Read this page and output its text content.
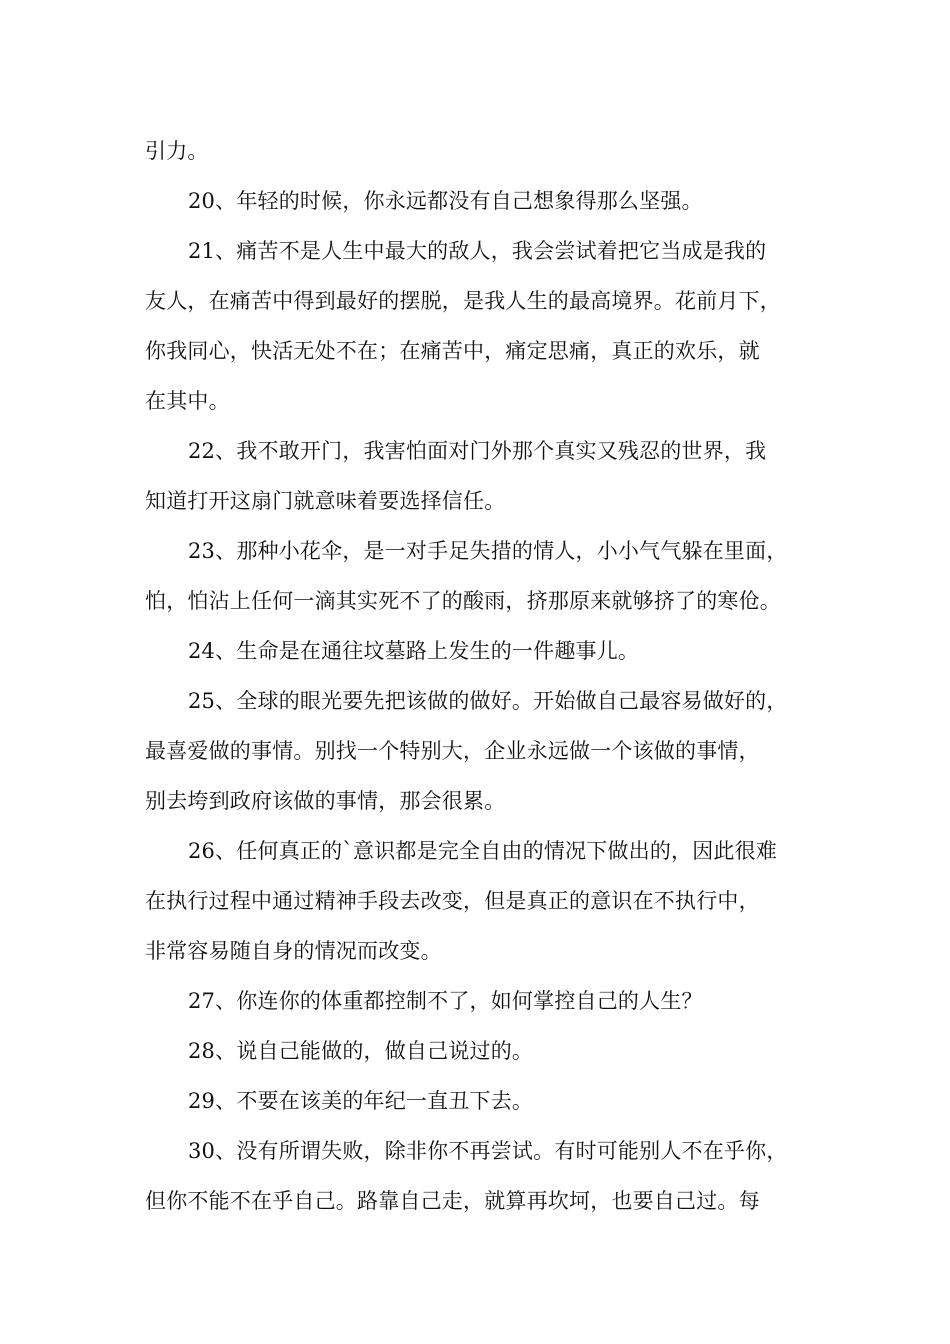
引力。
20、年轻的时候，你永远都没有自己想象得那么坚强。
21、痛苦不是人生中最大的敌人，我会尝试着把它当成是我的
友人，在痛苦中得到最好的摆脱，是我人生的最高境界。花前月下，
你我同心，快活无处不在；在痛苦中，痛定思痛，真正的欢乐，就
在其中。
22、我不敢开门，我害怕面对门外那个真实又残忍的世界，我
知道打开这扇门就意味着要选择信任。
23、那种小花伞，是一对手足失措的情人，小小气气躲在里面，
怕，怕沾上任何一滴其实死不了的酸雨，挤那原来就够挤了的寒伧。
24、生命是在通往坟墓路上发生的一件趣事儿。
25、全球的眼光要先把该做的做好。开始做自己最容易做好的，
最喜爱做的事情。别找一个特别大，企业永远做一个该做的事情，
别去垮到政府该做的事情，那会很累。
26、任何真正的`意识都是完全自由的情况下做出的，因此很难
在执行过程中通过精神手段去改变，但是真正的意识在不执行中，
非常容易随自身的情况而改变。
27、你连你的体重都控制不了，如何掌控自己的人生？
28、说自己能做的，做自己说过的。
29、不要在该美的年纪一直丑下去。
30、没有所谓失败，除非你不再尝试。有时可能别人不在乎你，
但你不能不在乎自己。路靠自己走，就算再坎坷，也要自己过。每
